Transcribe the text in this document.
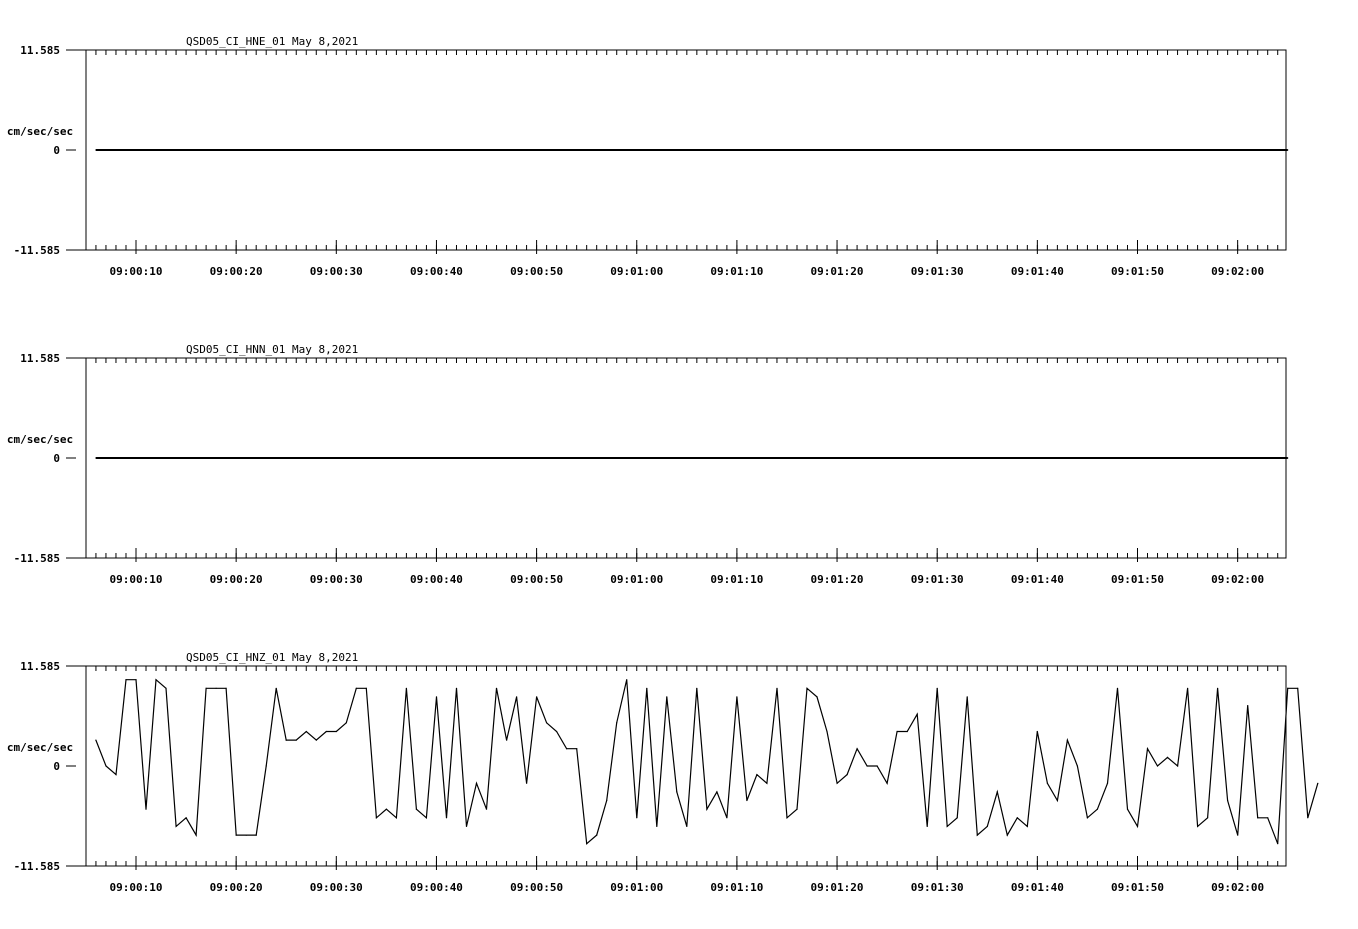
QSD05_CI_HNE_01 May 8,2021
11.585
0
-11.585
cm/sec/sec
09:00:10	09:00:20	09:00:30	09:00:40	09:00:50	09:01:00	09:01:10	09:01:20	09:01:30	09:01:40	09:01:50	09:02:00
QSD05_CI_HNN_01 May 8,2021
11.585
0
-11.585
cm/sec/sec
09:00:10	09:00:20	09:00:30	09:00:40	09:00:50	09:01:00	09:01:10	09:01:20	09:01:30	09:01:40	09:01:50	09:02:00
QSD05_CI_HNZ_01 May 8,2021
11.585
0
-11.585
cm/sec/sec
09:00:10	09:00:20	09:00:30	09:00:40	09:00:50	09:01:00	09:01:10	09:01:20	09:01:30	09:01:40	09:01:50	09:02:00
